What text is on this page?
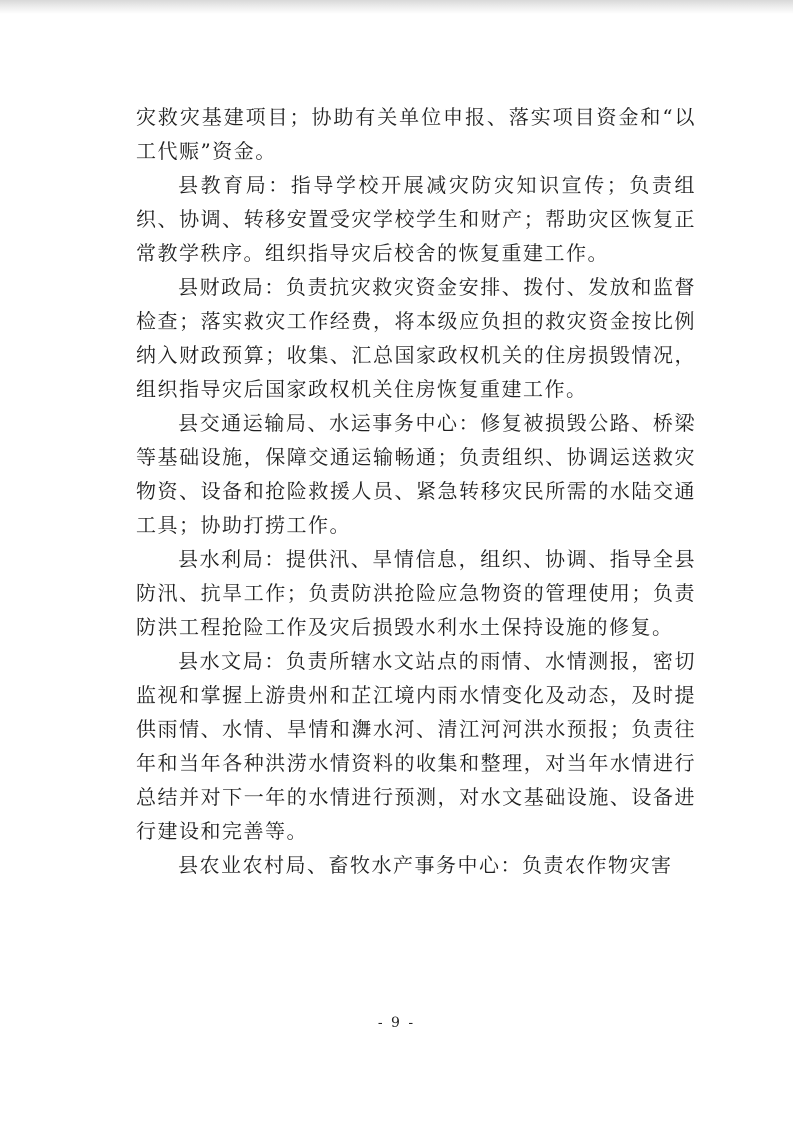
灾救灾基建项目；协助有关单位申报、落实项目资金和“以工代赈”资金。

县教育局：指导学校开展减灾防灾知识宣传；负责组织、协调、转移安置受灾学校学生和财产；帮助灾区恢复正常教学秩序。组织指导灾后校舍的恢复重建工作。

县财政局：负责抗灾救灾资金安排、拨付、发放和监督检查；落实救灾工作经费，将本级应负担的救灾资金按比例纳入财政预算；收集、汇总国家政权机关的住房损毁情况，组织指导灾后国家政权机关住房恢复重建工作。

县交通运输局、水运事务中心：修复被损毁公路、桥梁等基础设施，保障交通运输畅通；负责组织、协调运送救灾物资、设备和抢险救援人员、紧急转移灾民所需的水陆交通工具；协助打捞工作。

县水利局：提供汛、旱情信息，组织、协调、指导全县防汛、抗旱工作；负责防洪抢险应急物资的管理使用；负责防洪工程抢险工作及灾后损毁水利水土保持设施的修复。

县水文局：负责所辖水文站点的雨情、水情测报，密切监视和掌握上游贵州和芷江境内雨水情变化及动态，及时提供雨情、水情、旱情和㵲水河、清江河河洪水预报；负责往年和当年各种洪涝水情资料的收集和整理，对当年水情进行总结并对下一年的水情进行预测，对水文基础设施、设备进行建设和完善等。

县农业农村局、畜牧水产事务中心：负责农作物灾害

- 9 -
